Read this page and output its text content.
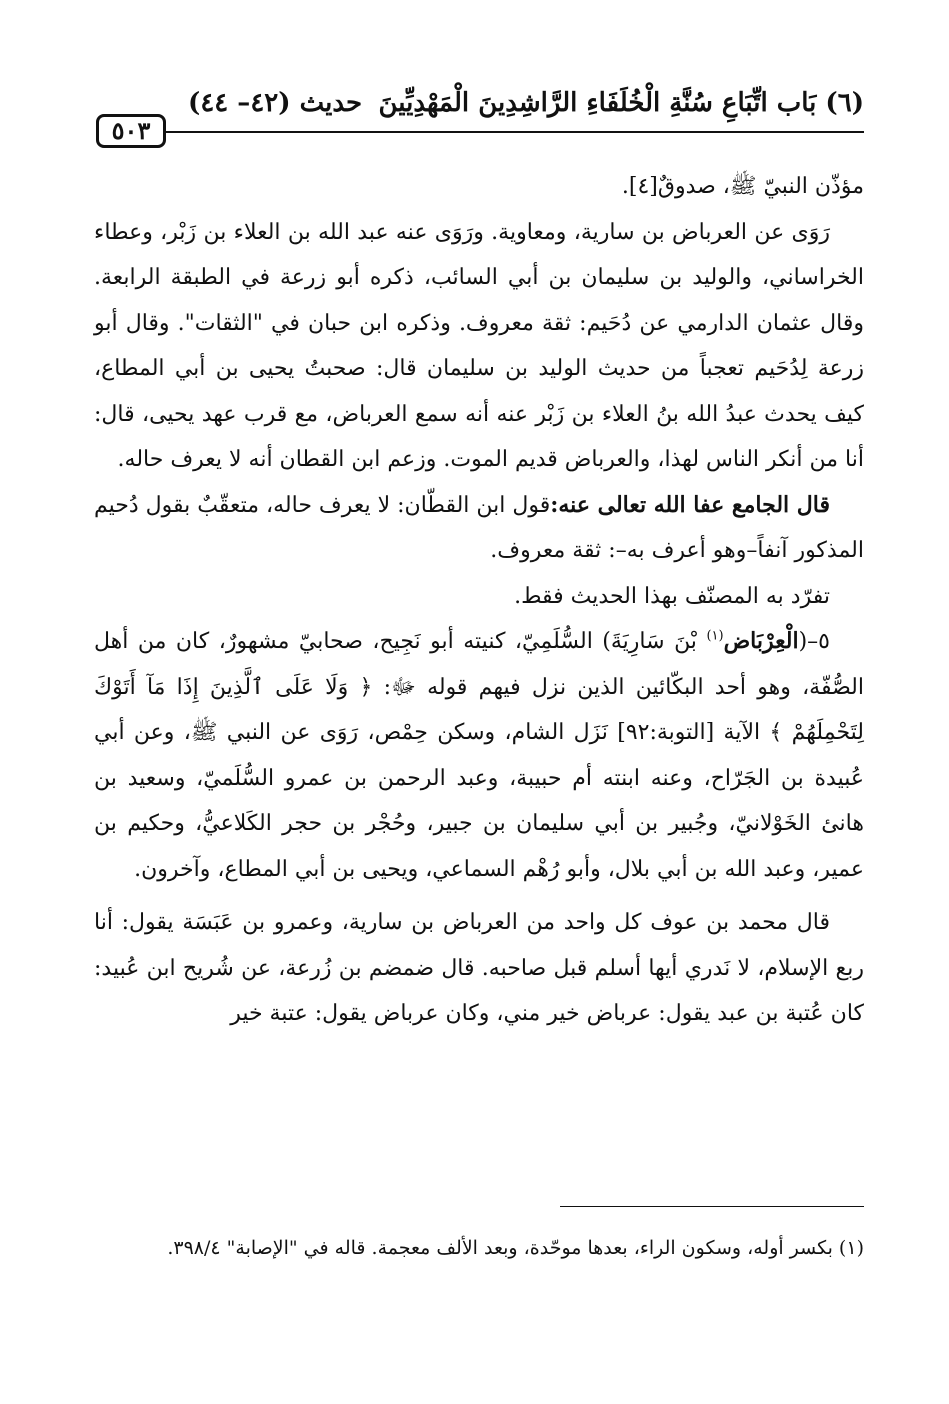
(٦) بَاب اتِّبَاعِ سُنَّةِ الْخُلَفَاءِ الرَّاشِدِينَ الْمَهْدِيِّينَ
حديث (٤٢– ٤٤)
٥٠٣

مؤذّن النبيّ ﷺ، صدوقٌ[٤].

رَوَى عن العرباض بن سارية، ومعاوية. ورَوَى عنه عبد الله بن العلاء بن زَبْر، وعطاء الخراساني، والوليد بن سليمان بن أبي السائب، ذكره أبو زرعة في الطبقة الرابعة. وقال عثمان الدارمي عن دُحَيم: ثقة معروف. وذكره ابن حبان في "الثقات". وقال أبو زرعة لِدُحَيم تعجباً من حديث الوليد بن سليمان قال: صحبتُ يحيى بن أبي المطاع، كيف يحدث عبدُ الله بنُ العلاء بن زَبْر عنه أنه سمع العرباض، مع قرب عهد يحيى، قال: أنا من أنكر الناس لهذا، والعرباض قديم الموت. وزعم ابن القطان أنه لا يعرف حاله.

قال الجامع عفا الله تعالى عنه:قول ابن القطّان: لا يعرف حاله، متعقّبٌ بقول دُحيم المذكور آنفاً–وهو أعرف به–: ثقة معروف.

تفرّد به المصنّف بهذا الحديث فقط.

٥–(الْعِرْبَاض$^{(١)}$ بْنَ سَارِيَةَ) السُّلَمِيّ، كنيته أبو نَجِيح، صحابيّ مشهورٌ، كان من أهل الصُّفّة، وهو أحد البكّائين الذين نزل فيهم قوله ﷻ: ﴿ وَلَا عَلَى ٱلَّذِينَ إِذَا مَآ أَتَوْكَ لِتَحْمِلَهُمْ ﴾ الآية [التوبة:٩٢] نَزَل الشام، وسكن حِمْص، رَوَى عن النبي ﷺ، وعن أبي عُبيدة بن الجَرّاح، وعنه ابنته أم حبيبة، وعبد الرحمن بن عمرو السُّلَميّ، وسعيد بن هانئ الخَوْلانيّ، وجُبير بن أبي سليمان بن جبير، وحُجْر بن حجر الكَلاعيُّ، وحكيم بن عمير، وعبد الله بن أبي بلال، وأبو رُهْم السماعي، ويحيى بن أبي المطاع، وآخرون.

قال محمد بن عوف كل واحد من العرباض بن سارية، وعمرو بن عَبَسَة يقول: أنا ربع الإسلام، لا نَدري أيها أسلم قبل صاحبه. قال ضمضم بن زُرعة، عن شُريح ابن عُبيد: كان عُتبة بن عبد يقول: عرباض خير مني، وكان عرباض يقول: عتبة خير

(١) بكسر أوله، وسكون الراء، بعدها موحّدة، وبعد الألف معجمة. قاله في "الإصابة" ٣٩٨/٤.
